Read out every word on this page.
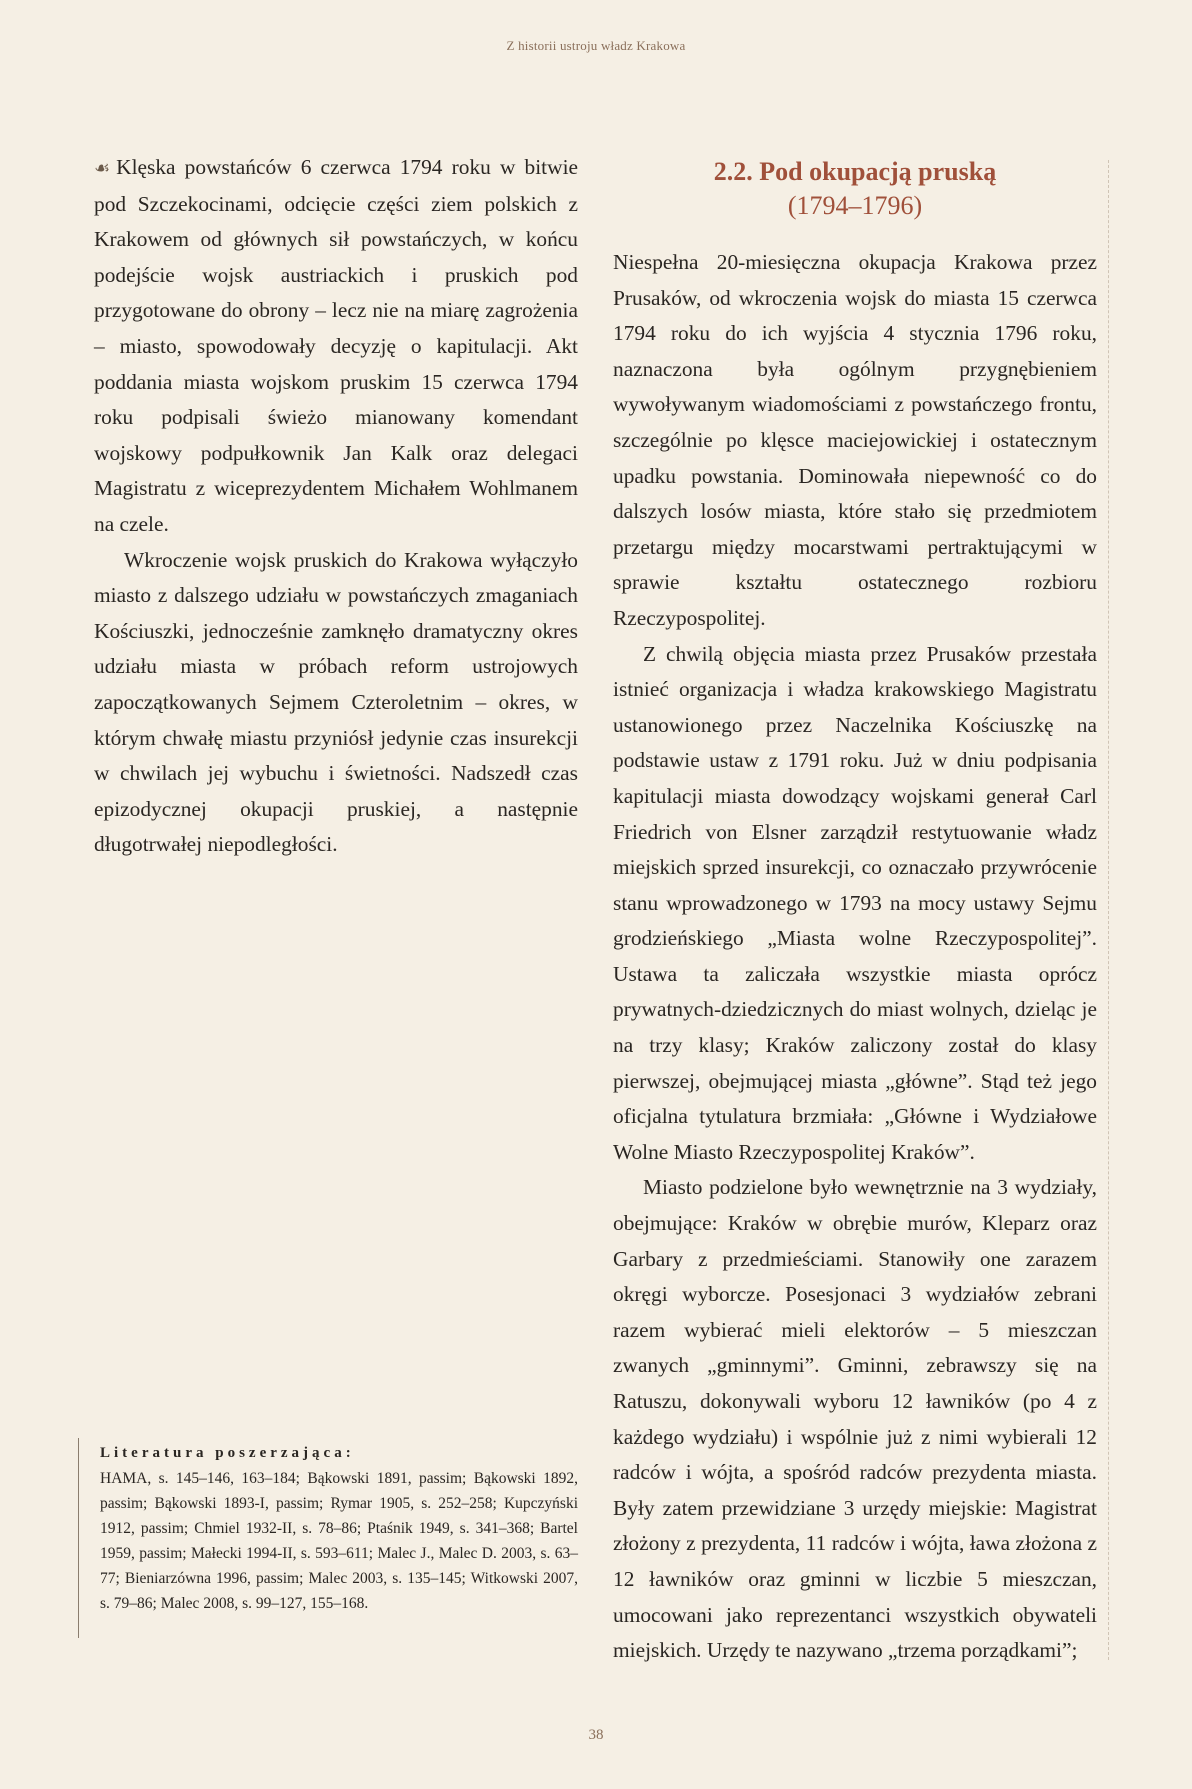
Z historii ustroju władz Krakowa

☙ Klęska powstańców 6 czerwca 1794 roku w bitwie pod Szczekocinami, odcięcie części ziem polskich z Krakowem od głównych sił powstańczych, w końcu podejście wojsk austriackich i pruskich pod przygotowane do obrony – lecz nie na miarę zagrożenia – miasto, spowodowały decyzję o kapitulacji. Akt poddania miasta wojskom pruskim 15 czerwca 1794 roku podpisali świeżo mianowany komendant wojskowy podpułkownik Jan Kalk oraz delegaci Magistratu z wiceprezydentem Michałem Wohlmanem na czele.

Wkroczenie wojsk pruskich do Krakowa wyłączyło miasto z dalszego udziału w powstańczych zmaganiach Kościuszki, jednocześnie zamknęło dramatyczny okres udziału miasta w próbach reform ustrojowych zapoczątkowanych Sejmem Czteroletnim – okres, w którym chwałę miastu przyniósł jedynie czas insurekcji w chwilach jej wybuchu i świetności. Nadszedł czas epizodycznej okupacji pruskiej, a następnie długotrwałej niepodległości.

Literatura poszerzająca:
HAMA, s. 145–146, 163–184; Bąkowski 1891, passim; Bąkowski 1892, passim; Bąkowski 1893-I, passim; Rymar 1905, s. 252–258; Kupczyński 1912, passim; Chmiel 1932-II, s. 78–86; Ptaśnik 1949, s. 341–368; Bartel 1959, passim; Małecki 1994-II, s. 593–611; Malec J., Malec D. 2003, s. 63–77; Bieniarzówna 1996, passim; Malec 2003, s. 135–145; Witkowski 2007, s. 79–86; Malec 2008, s. 99–127, 155–168.
2.2. Pod okupacją pruską
(1794–1796)

Niespełna 20-miesięczna okupacja Krakowa przez Prusaków, od wkroczenia wojsk do miasta 15 czerwca 1794 roku do ich wyjścia 4 stycznia 1796 roku, naznaczona była ogólnym przygnębieniem wywoływanym wiadomościami z powstańczego frontu, szczególnie po klęsce maciejowickiej i ostatecznym upadku powstania. Dominowała niepewność co do dalszych losów miasta, które stało się przedmiotem przetargu między mocarstwami pertraktującymi w sprawie kształtu ostatecznego rozbioru Rzeczypospolitej.

Z chwilą objęcia miasta przez Prusaków przestała istnieć organizacja i władza krakowskiego Magistratu ustanowionego przez Naczelnika Kościuszkę na podstawie ustaw z 1791 roku. Już w dniu podpisania kapitulacji miasta dowodzący wojskami generał Carl Friedrich von Elsner zarządził restytuowanie władz miejskich sprzed insurekcji, co oznaczało przywrócenie stanu wprowadzonego w 1793 na mocy ustawy Sejmu grodzieńskiego „Miasta wolne Rzeczypospolitej”. Ustawa ta zaliczała wszystkie miasta oprócz prywatnych-dziedzicznych do miast wolnych, dzieląc je na trzy klasy; Kraków zaliczony został do klasy pierwszej, obejmującej miasta „główne”. Stąd też jego oficjalna tytulatura brzmiała: „Główne i Wydziałowe Wolne Miasto Rzeczypospolitej Kraków”.

Miasto podzielone było wewnętrznie na 3 wydziały, obejmujące: Kraków w obrębie murów, Kleparz oraz Garbary z przedmieściami. Stanowiły one zarazem okręgi wyborcze. Posesjonaci 3 wydziałów zebrani razem wybierać mieli elektorów – 5 mieszczan zwanych „gminnymi”. Gminni, zebrawszy się na Ratuszu, dokonywali wyboru 12 ławników (po 4 z każdego wydziału) i wspólnie już z nimi wybierali 12 radców i wójta, a spośród radców prezydenta miasta. Były zatem przewidziane 3 urzędy miejskie: Magistrat złożony z prezydenta, 11 radców i wójta, ława złożona z 12 ławników oraz gminni w liczbie 5 mieszczan, umocowani jako reprezentanci wszystkich obywateli miejskich. Urzędy te nazywano „trzema porządkami”;

38
